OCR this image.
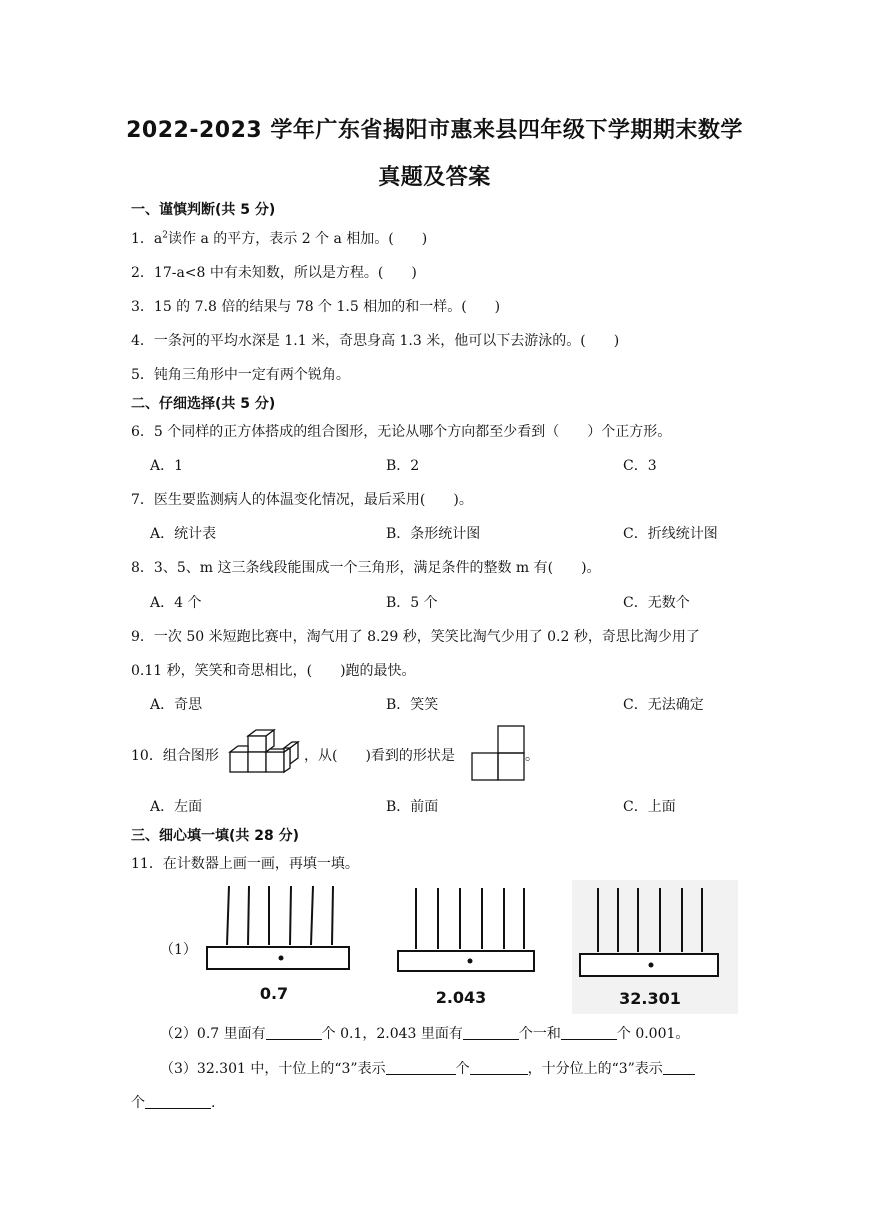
2022-2023 学年广东省揭阳市惠来县四年级下学期期末数学
真题及答案
一、谨慎判断(共 5 分)
1．$a^2$读作 a 的平方，表示 2 个 a 相加。(　　)
2．17-a<8 中有未知数，所以是方程。(　　)
3．15 的 7.8 倍的结果与 78 个 1.5 相加的和一样。(　　)
4．一条河的平均水深是 1.1 米，奇思身高 1.3 米，他可以下去游泳的。(　　)
5．钝角三角形中一定有两个锐角。
二、仔细选择(共 5 分)
6．5 个同样的正方体搭成的组合图形，无论从哪个方向都至少看到（　　）个正方形。
A．1	B．2	C．3
7．医生要监测病人的体温变化情况，最后采用(　　)。
A．统计表	B．条形统计图	C．折线统计图
8．3、5、m 这三条线段能围成一个三角形，满足条件的整数 m 有(　　)。
A．4 个	B．5 个	C．无数个
9．一次 50 米短跑比赛中，淘气用了 8.29 秒，笑笑比淘气少用了 0.2 秒，奇思比淘少用了
0.11 秒，笑笑和奇思相比，(　　)跑的最快。
A．奇思	B．笑笑	C．无法确定
10．组合图形	，从(　　)看到的形状是	。
A．左面	B．前面	C．上面
三、细心填一填(共 28 分)
11．在计数器上画一画，再填一填。
（1）
0.7	2.043	32.301
（2）0.7 里面有	个 0.1，2.043 里面有	个一和	个 0.001。
（3）32.301 中，十位上的“3”表示	个	，十分位上的“3”表示
个	.
